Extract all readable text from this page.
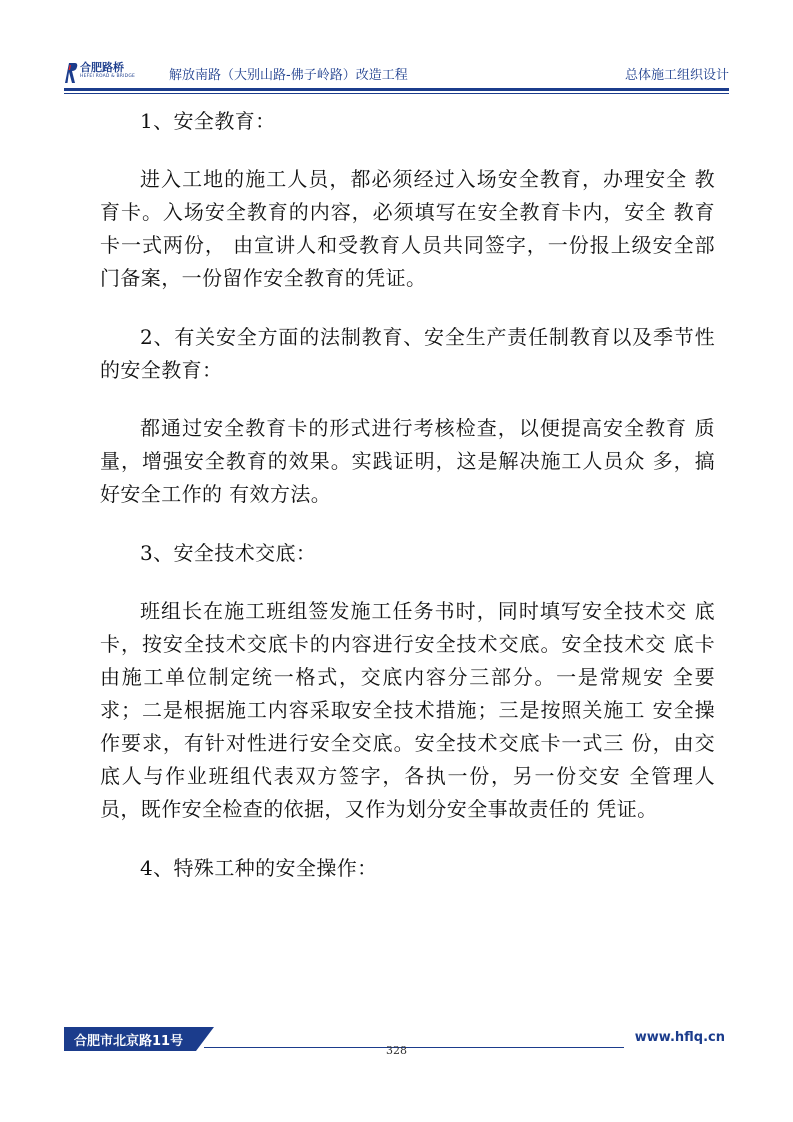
合肥路桥
HEFEI ROAD & BRIDGE	解放南路（大别山路-佛子岭路）改造工程	总体施工组织设计

1、安全教育：

进入工地的施工人员，都必须经过入场安全教育，办理安全 教育卡。入场安全教育的内容，必须填写在安全教育卡内，安全 教育卡一式两份， 由宣讲人和受教育人员共同签字，一份报上级安全部门备案，一份留作安全教育的凭证。

2、有关安全方面的法制教育、安全生产责任制教育以及季节性的安全教育：

都通过安全教育卡的形式进行考核检查，以便提高安全教育 质量，增强安全教育的效果。实践证明，这是解决施工人员众 多，搞好安全工作的 有效方法。

3、安全技术交底：

班组长在施工班组签发施工任务书时，同时填写安全技术交 底卡，按安全技术交底卡的内容进行安全技术交底。安全技术交 底卡由施工单位制定统一格式，交底内容分三部分。一是常规安 全要求；二是根据施工内容采取安全技术措施；三是按照关施工 安全操作要求，有针对性进行安全交底。安全技术交底卡一式三 份，由交底人与作业班组代表双方签字，各执一份，另一份交安 全管理人员，既作安全检查的依据，又作为划分安全事故责任的 凭证。

4、特殊工种的安全操作：

合肥市北京路11号	www.hflq.cn
328
